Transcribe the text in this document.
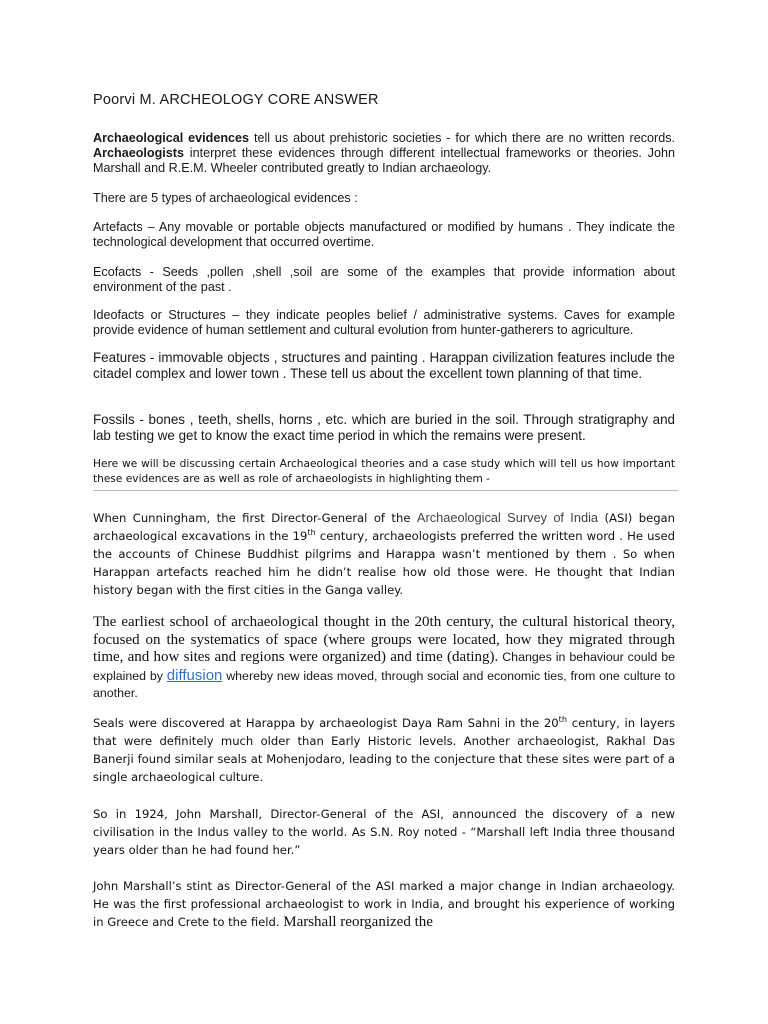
Poorvi M. ARCHEOLOGY CORE ANSWER

Archaeological evidences tell us about prehistoric societies - for which there are no written records. Archaeologists interpret these evidences through different intellectual frameworks or theories. John Marshall and R.E.M. Wheeler contributed greatly to Indian archaeology.

There are 5 types of archaeological evidences :

Artefacts – Any movable or portable objects manufactured or modified by humans . They indicate the technological development that occurred overtime.

Ecofacts - Seeds ,pollen ,shell ,soil are some of the examples that provide information about environment of the past .

Ideofacts or Structures – they indicate peoples belief / administrative systems. Caves for example provide evidence of human settlement and cultural evolution from hunter-gatherers to agriculture.

Features - immovable objects , structures and painting . Harappan civilization features include the citadel complex and lower town . These tell us about the excellent town planning of that time.

Fossils - bones , teeth, shells, horns , etc. which are buried in the soil. Through stratigraphy and lab testing we get to know the exact time period in which the remains were present.

Here we will be discussing certain Archaeological theories and a case study which will tell us how important these evidences are as well as role of archaeologists in highlighting them -

When Cunningham, the first Director-General of the Archaeological Survey of India (ASI) began archaeological excavations in the 19th century, archaeologists preferred the written word . He used the accounts of Chinese Buddhist pilgrims and Harappa wasn’t mentioned by them . So when Harappan artefacts reached him he didn’t realise how old those were. He thought that Indian history began with the first cities in the Ganga valley.

The earliest school of archaeological thought in the 20th century, the cultural historical theory, focused on the systematics of space (where groups were located, how they migrated through time, and how sites and regions were organized) and time (dating). Changes in behaviour could be explained by diffusion whereby new ideas moved, through social and economic ties, from one culture to another.

Seals were discovered at Harappa by archaeologist Daya Ram Sahni in the 20th century, in layers that were definitely much older than Early Historic levels. Another archaeologist, Rakhal Das Banerji found similar seals at Mohenjodaro, leading to the conjecture that these sites were part of a single archaeological culture.

So in 1924, John Marshall, Director-General of the ASI, announced the discovery of a new civilisation in the Indus valley to the world. As S.N. Roy noted - “Marshall left India three thousand years older than he had found her.”

John Marshall’s stint as Director-General of the ASI marked a major change in Indian archaeology. He was the first professional archaeologist to work in India, and brought his experience of working in Greece and Crete to the field. Marshall reorganized the
